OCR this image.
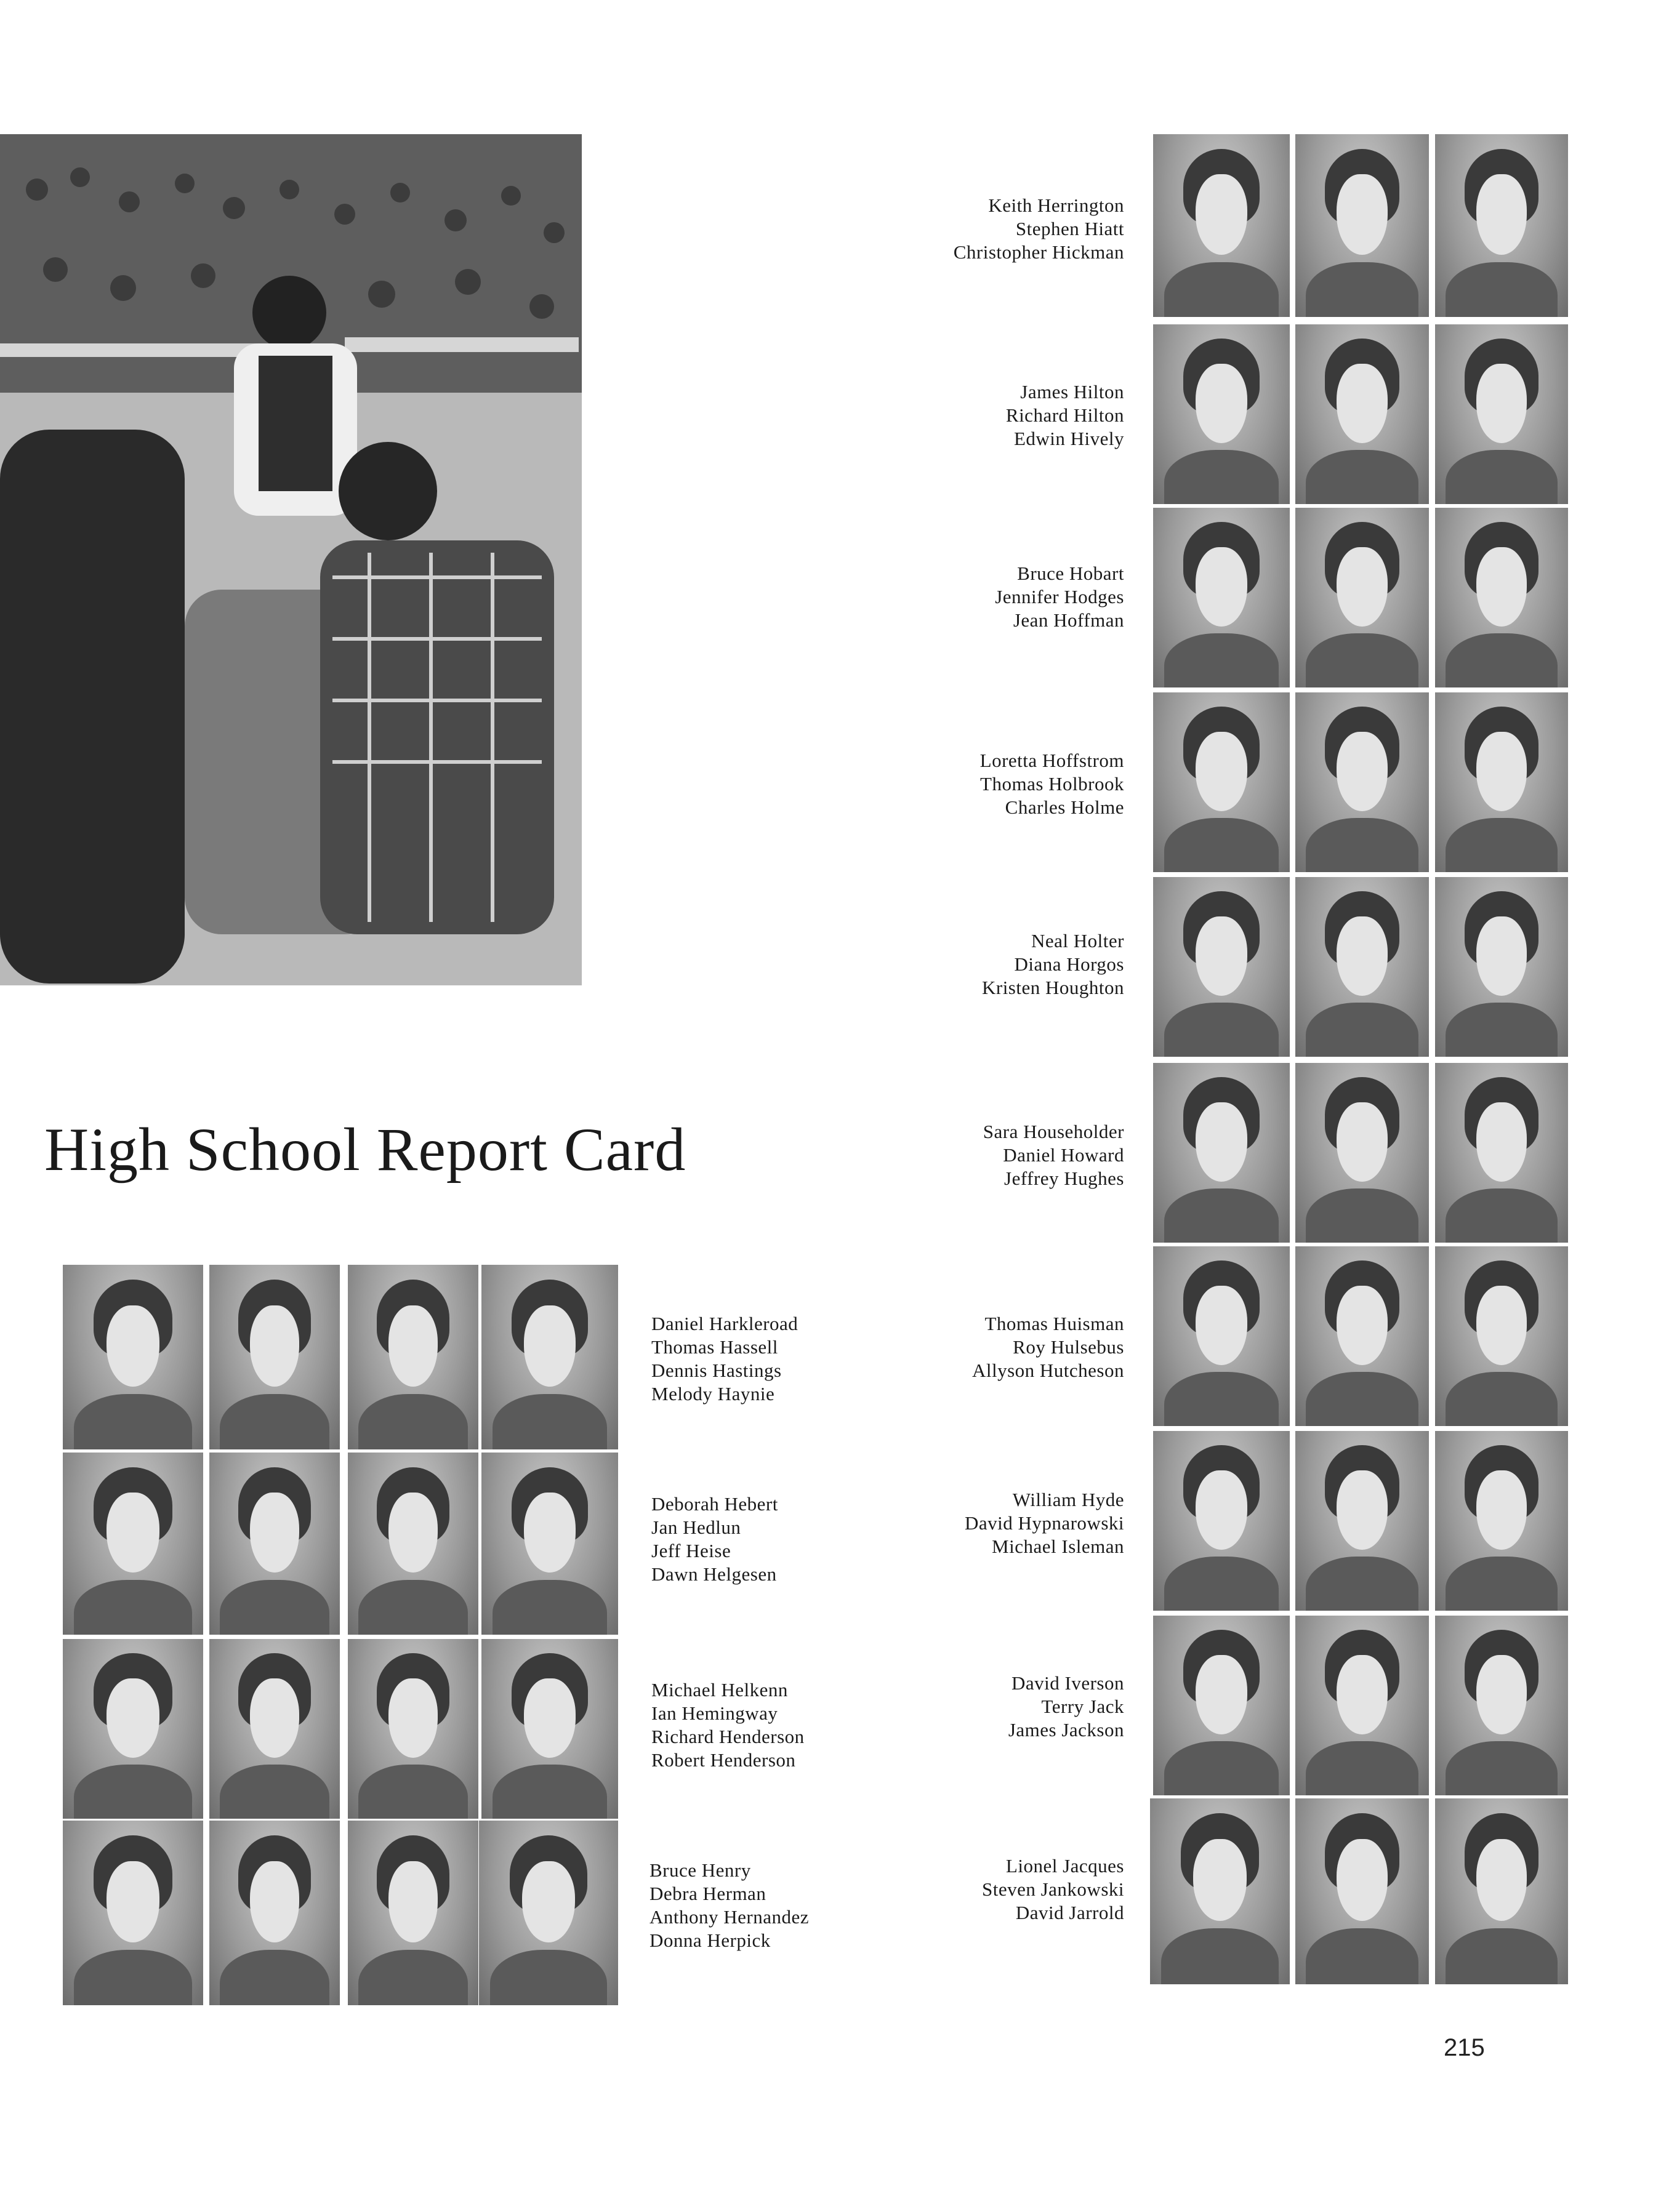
High School Report Card
Daniel Harkleroad
Thomas Hassell
Dennis Hastings
Melody Haynie
Deborah Hebert
Jan Hedlun
Jeff Heise
Dawn Helgesen
Michael Helkenn
Ian Hemingway
Richard Henderson
Robert Henderson
Bruce Henry
Debra Herman
Anthony Hernandez
Donna Herpick
Keith Herrington
Stephen Hiatt
Christopher Hickman
James Hilton
Richard Hilton
Edwin Hively
Bruce Hobart
Jennifer Hodges
Jean Hoffman
Loretta Hoffstrom
Thomas Holbrook
Charles Holme
Neal Holter
Diana Horgos
Kristen Houghton
Sara Householder
Daniel Howard
Jeffrey Hughes
Thomas Huisman
Roy Hulsebus
Allyson Hutcheson
William Hyde
David Hypnarowski
Michael Isleman
David Iverson
Terry Jack
James Jackson
Lionel Jacques
Steven Jankowski
David Jarrold
215
